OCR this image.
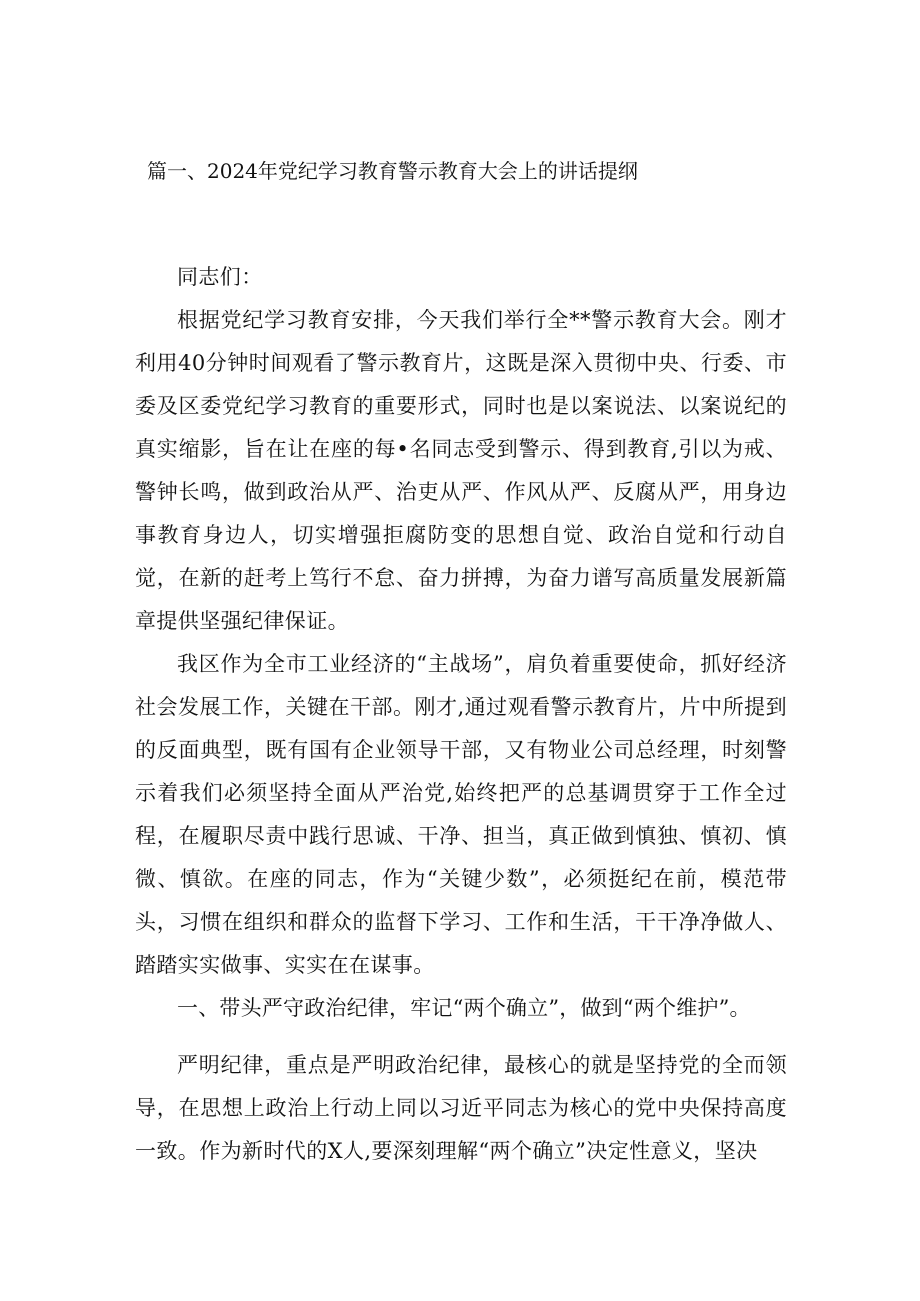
篇一、2024年党纪学习教育警示教育大会上的讲话提纲

同志们：

根据党纪学习教育安排，今天我们举行全**警示教育大会。刚才利用40分钟时间观看了警示教育片，这既是深入贯彻中央、行委、市委及区委党纪学习教育的重要形式，同时也是以案说法、以案说纪的真实缩影，旨在让在座的每•名同志受到警示、得到教育,引以为戒、警钟长鸣，做到政治从严、治吏从严、作风从严、反腐从严，用身边事教育身边人，切实增强拒腐防变的思想自觉、政治自觉和行动自觉，在新的赶考上笃行不怠、奋力拼搏，为奋力谱写高质量发展新篇章提供坚强纪律保证。

我区作为全市工业经济的“主战场”，肩负着重要使命，抓好经济社会发展工作，关键在干部。刚才,通过观看警示教育片，片中所提到的反面典型，既有国有企业领导干部，又有物业公司总经理，时刻警示着我们必须坚持全面从严治党,始终把严的总基调贯穿于工作全过程，在履职尽责中践行思诚、干净、担当，真正做到慎独、慎初、慎微、慎欲。在座的同志，作为“关键少数”，必须挺纪在前，模范带头，习惯在组织和群众的监督下学习、工作和生活，干干净净做人、踏踏实实做事、实实在在谋事。

一、带头严守政治纪律，牢记“两个确立”，做到“两个维护”。

严明纪律，重点是严明政治纪律，最核心的就是坚持党的全而领导，在思想上政治上行动上同以习近平同志为核心的党中央保持高度一致。作为新时代的X人,要深刻理解“两个确立”决定性意义，坚决
